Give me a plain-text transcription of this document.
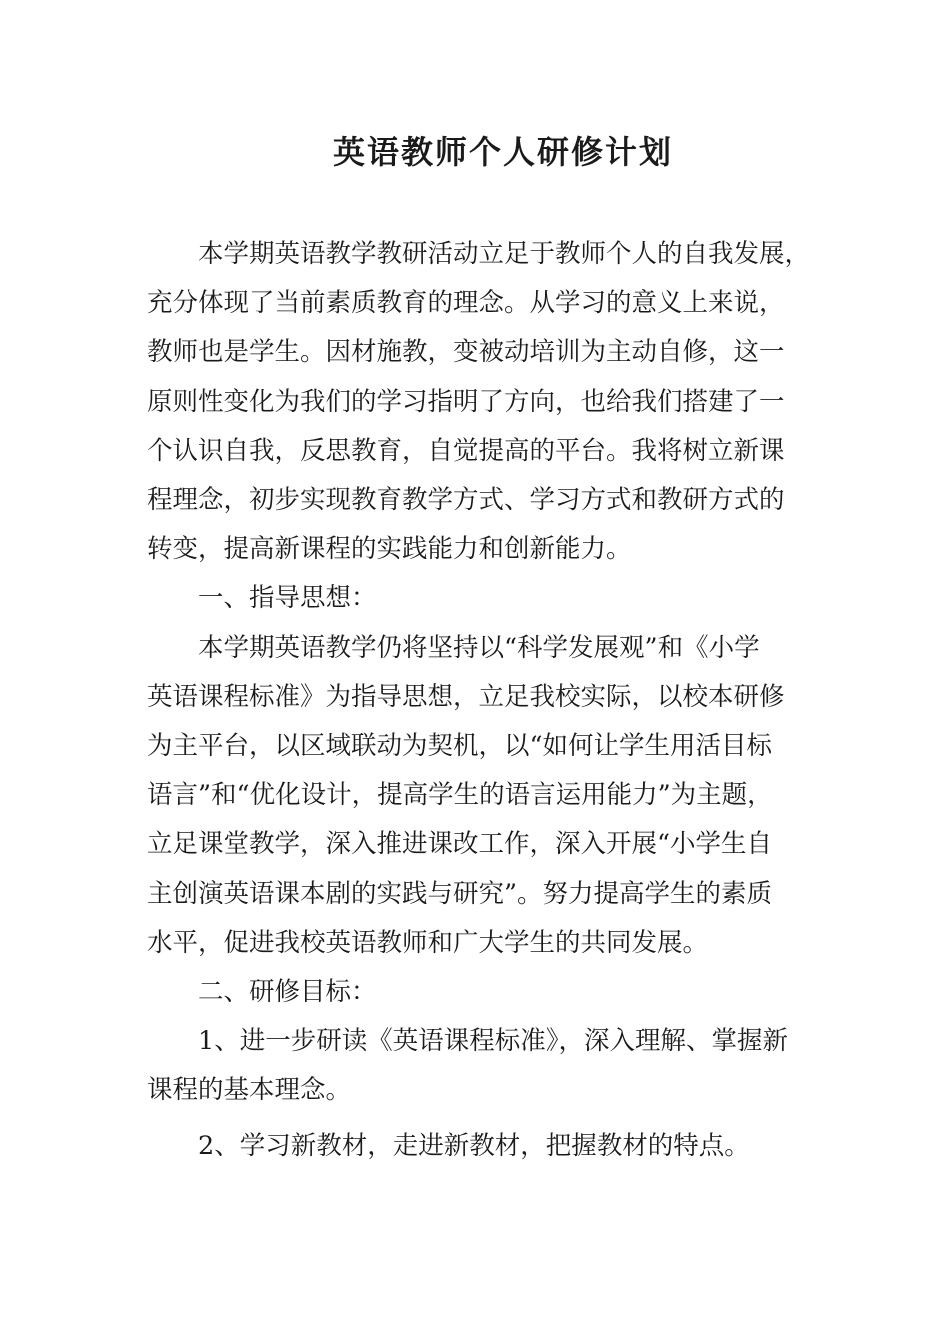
英语教师个人研修计划
本学期英语教学教研活动立足于教师个人的自我发展，
充分体现了当前素质教育的理念。从学习的意义上来说，
教师也是学生。因材施教，变被动培训为主动自修，这一
原则性变化为我们的学习指明了方向，也给我们搭建了一
个认识自我，反思教育，自觉提高的平台。我将树立新课
程理念，初步实现教育教学方式、学习方式和教研方式的
转变，提高新课程的实践能力和创新能力。
一、指导思想：
本学期英语教学仍将坚持以“科学发展观”和《小学
英语课程标准》为指导思想，立足我校实际，以校本研修
为主平台，以区域联动为契机，以“如何让学生用活目标
语言”和“优化设计，提高学生的语言运用能力”为主题，
立足课堂教学，深入推进课改工作，深入开展“小学生自
主创演英语课本剧的实践与研究”。努力提高学生的素质
水平，促进我校英语教师和广大学生的共同发展。
二、研修目标：
1、进一步研读《英语课程标准》，深入理解、掌握新
课程的基本理念。
2、学习新教材，走进新教材，把握教材的特点。
